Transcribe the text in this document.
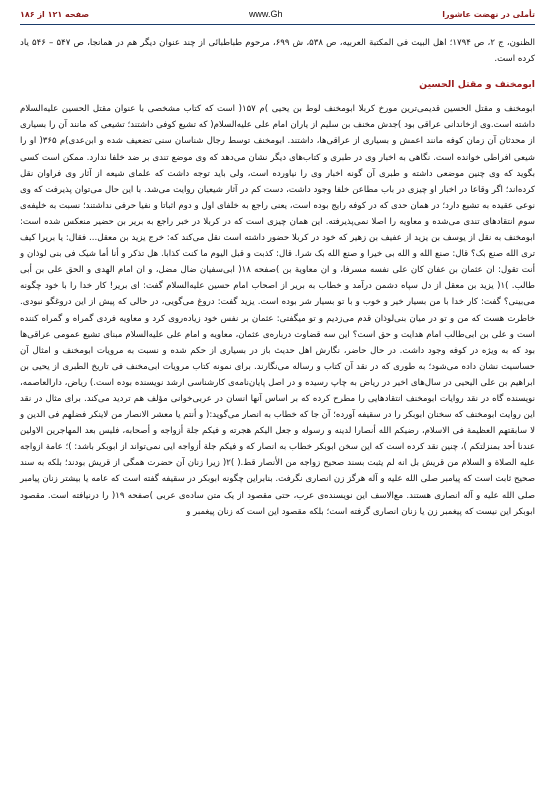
صفحه ۱۲۱ از ۱۸۶	www.Gh	تأملی در نهضت عاشورا

الظنون، ج ۲، ص ۱۷۹۴؛ اهل البیت فی المکتبة العربیه، ص ۵۳۸، ش ۶۹۹، مرحوم طباطبائی از چند عنوان دیگر هم در همانجا، ص ۵۴۷ – ۵۴۶ یاد کرده است.

ابومخنف و مقتل الحسین

ابومخنف و مقتل الحسین قدیمی‌ترین مورخ کربلا ابومخنف لوط بن یحیی )م ۱۵۷( است که کتاب مشخصی با عنوان مقتل الحسین علیه‌السلام داشته است.وی ازخاندانی عراقی بود )جدش مخنف بن سلیم از یاران امام علی علیه‌السلام( که تشیع کوفی داشتند؛ تشیعی که مانند آن را بسیاری از محدثان آن زمان کوفه مانند اعمش و بسیاری از عراقی‌ها، داشتند. ابومخنف توسط رجال شناسان سنی تضعیف شده و ابن‌عدی)م ۳۶۵( او را شیعی افراطی خوانده است. نگاهی به اخبار وی در طبری و کتاب‌های دیگر نشان می‌دهد که وی موضع تندی بر ضد خلفا ندارد. ممکن است کسی بگوید که وی چنین موضعی داشته و طبری آن گونه اخبار وی را نیاورده است، ولی باید توجه داشت که علمای شیعه از آثار وی فراوان نقل کرده‌اند؛ اگر وقاعا در اخبار او چیزی در باب مطاعن خلفا وجود داشت، دست کم در آثار شیعیان روایت می‌شد. با این حال می‌توان پذیرفت که وی نوعی عقیده به تشیع دارد؛ در همان حدی که در کوفه رایج بوده است، یعنی راجع به خلفای اول و دوم اثباتا و نفیا حرفی نداشتند؛ نسبت به خلیفه‌ی سوم انتقادهای تندی می‌شده و معاویه را اصلا نمی‌پذیرفته. این همان چیزی است که در کربلا در خبر راجع به بریر بن حضیر منعکس شده است: ابومخنف به نقل از یوسف بن یزید از عفیف بن زهیر که خود در کربلا حضور داشته است نقل می‌کند که: خرج یزید بن معقل... فقال: یا بریرا کیف تری الله صنع بک؟ قال: صنع الله و الله بی خیرا و صنع الله بک شرا. قال: کذبت و قبل الیوم ما کنت کذابا. هل تذکر و أنا أما شیک فی بنی لوذان و أنت تقول: ان عثمان بن عفان کان علی نفسه مسرفا، و ان معاویة بن )صفحه ۱۸( ابی‌سفیان ضال مضل، و ان امام الهدی و الحق علی بن أبی طالب. )۱( یزید بن معقل از دل سپاه دشمن درآمد و خطاب به بریر از اصحاب امام حسین علیه‌السلام گفت: ای بریر! کار خدا را با خود چگونه می‌بینی؟ گفت: کار خدا با من بسیار خیر و خوب و با تو بسیار شر بوده است. یزید گفت: دروغ می‌گویی، در حالی که پیش از این دروغگو نبودی. خاطرت هست که من و تو در میان بنی‌لوذان قدم می‌زدیم و تو میگفتی: عثمان بر نفس خود زیاده‌روی کرد و معاویه فردی گمراه و گمراه کننده است و علی بن ابی‌طالب امام هدایت و حق است؟ این سه قضاوت درباره‌ی عثمان، معاویه و امام علی علیه‌السلام مبنای تشیع عمومی عراقی‌ها بود که به ویژه در کوفه وجود داشت. در حال حاضر، نگارش اهل حدیث باز در بسیاری از حکم شده و نسبت به مرویات ابومخنف و امثال آن حساسیت نشان داده می‌شود؛ به طوری که در نقد آن کتاب و رساله می‌نگارند. برای نمونه کتاب مرویات ابی‌مخنف فی تاریخ الطبری از یحیی بن ابراهیم بن علی الیحیی در سال‌های اخیر در ریاض به چاپ رسیده و در اصل پایان‌نامه‌ی کارشناسی ارشد نویسنده بوده است.) ریاض، دارالعاصمه، نویسنده گاه در نقد روایات ابومخنف انتقادهایی را مطرح کرده که بر اساس آنها انسان در عربی‌خوانی مؤلف هم تردید می‌کند. برای مثال در نقد این روایت ابومخنف که سخنان ابوبکر را در سقیفه آورده؛ آن جا که خطاب به انصار می‌گوید:( و أنتم یا معشر الانصار من لاینکر فضلهم فی الدین و لا سابقتهم العظیمة فی الاسلام، رضیکم الله أنصارا لدینه و رسوله و جعل الیکم هجرته و فیکم جلة أزواجه و أصحابه، فلیس بعد المهاجرین الاولین عندنا أحد بمنزلتکم )، چنین نقد کرده است که این سخن ابوبکر خطاب به انصار که و فیکم جلة أزواجه ایی نمی‌تواند از ابوبکر باشد: )؛ عامة ازواجه علیه الصلاة و السلام من قریش بل انه لم یثبت بسند صحیح زواجه من الأنصار قط.( )۲( زیرا زنان آن حضرت همگی از قریش بودند؛ بلکه به سند صحیح ثابت است که پیامبر صلی الله علیه و آله هرگز زن انصاری نگرفت. بنابراین چگونه ابوبکر در سقیفه گفته است که عامه یا بیشتر زنان پیامبر صلی الله علیه و آله انصاری هستند. مع‌الاسف این نویسنده‌ی عرب، حتی مقصود از یک متن ساده‌ی عربی )صفحه ۱۹( را درنیافته است. مقصود ابوبکر این نیست که پیغمبر زن یا زنان انصاری گرفته است؛ بلکه مقصود این است که زنان پیغمبر و
